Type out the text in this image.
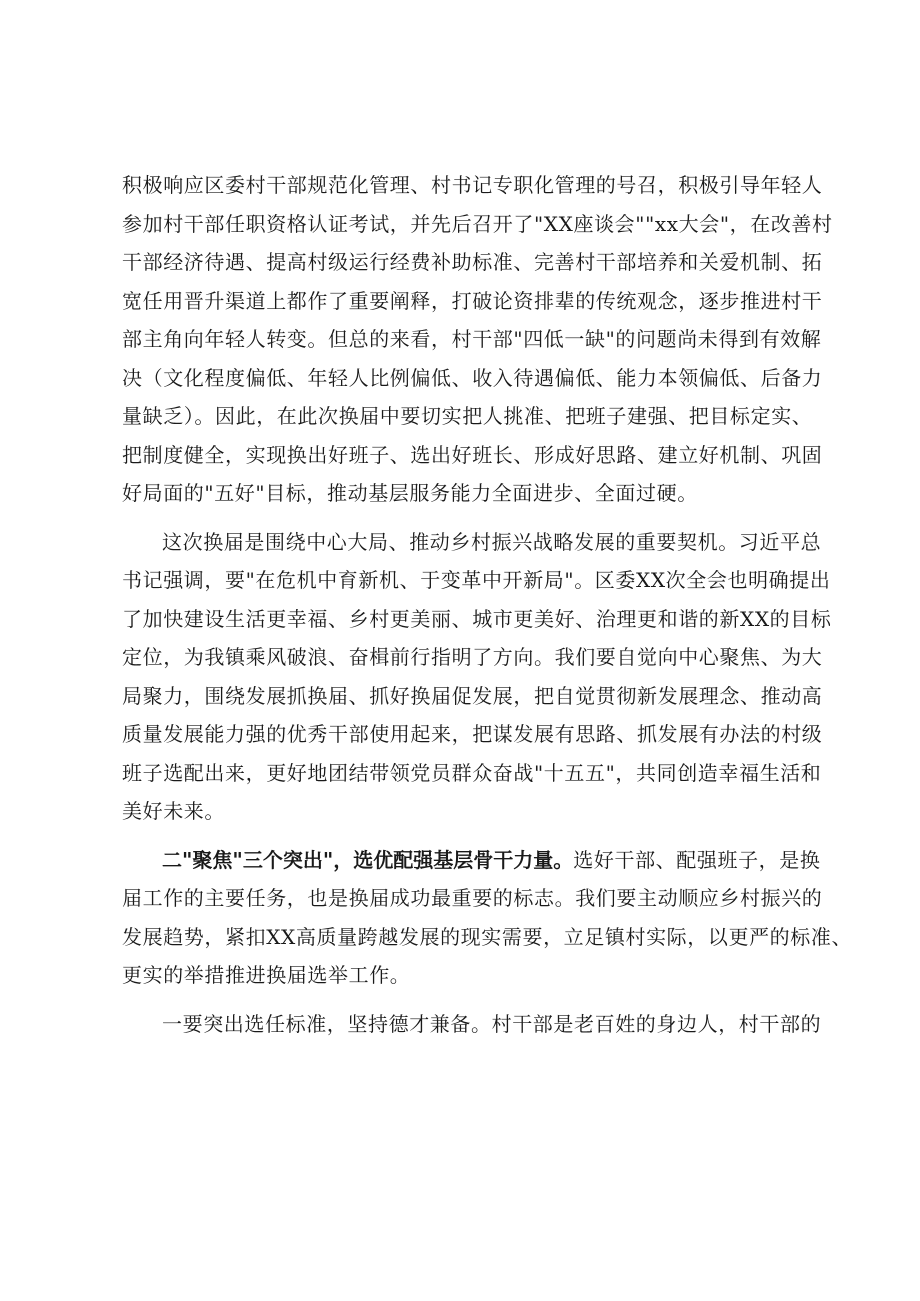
积极响应区委村干部规范化管理、村书记专职化管理的号召，积极引导年轻人
参加村干部任职资格认证考试，并先后召开了"XX座谈会""xx大会"，在改善村
干部经济待遇、提高村级运行经费补助标准、完善村干部培养和关爱机制、拓
宽任用晋升渠道上都作了重要阐释，打破论资排辈的传统观念，逐步推进村干
部主角向年轻人转变。但总的来看，村干部"四低一缺"的问题尚未得到有效解
决（文化程度偏低、年轻人比例偏低、收入待遇偏低、能力本领偏低、后备力
量缺乏）。因此，在此次换届中要切实把人挑准、把班子建强、把目标定实、
把制度健全，实现换出好班子、选出好班长、形成好思路、建立好机制、巩固
好局面的"五好"目标，推动基层服务能力全面进步、全面过硬。
这次换届是围绕中心大局、推动乡村振兴战略发展的重要契机。习近平总
书记强调，要"在危机中育新机、于变革中开新局"。区委XX次全会也明确提出
了加快建设生活更幸福、乡村更美丽、城市更美好、治理更和谐的新XX的目标
定位，为我镇乘风破浪、奋楫前行指明了方向。我们要自觉向中心聚焦、为大
局聚力，围绕发展抓换届、抓好换届促发展，把自觉贯彻新发展理念、推动高
质量发展能力强的优秀干部使用起来，把谋发展有思路、抓发展有办法的村级
班子选配出来，更好地团结带领党员群众奋战"十五五"，共同创造幸福生活和
美好未来。
二"聚焦"三个突出"，选优配强基层骨干力量。选好干部、配强班子，是换
届工作的主要任务，也是换届成功最重要的标志。我们要主动顺应乡村振兴的
发展趋势，紧扣XX高质量跨越发展的现实需要，立足镇村实际，以更严的标准、
更实的举措推进换届选举工作。
一要突出选任标准，坚持德才兼备。村干部是老百姓的身边人，村干部的
